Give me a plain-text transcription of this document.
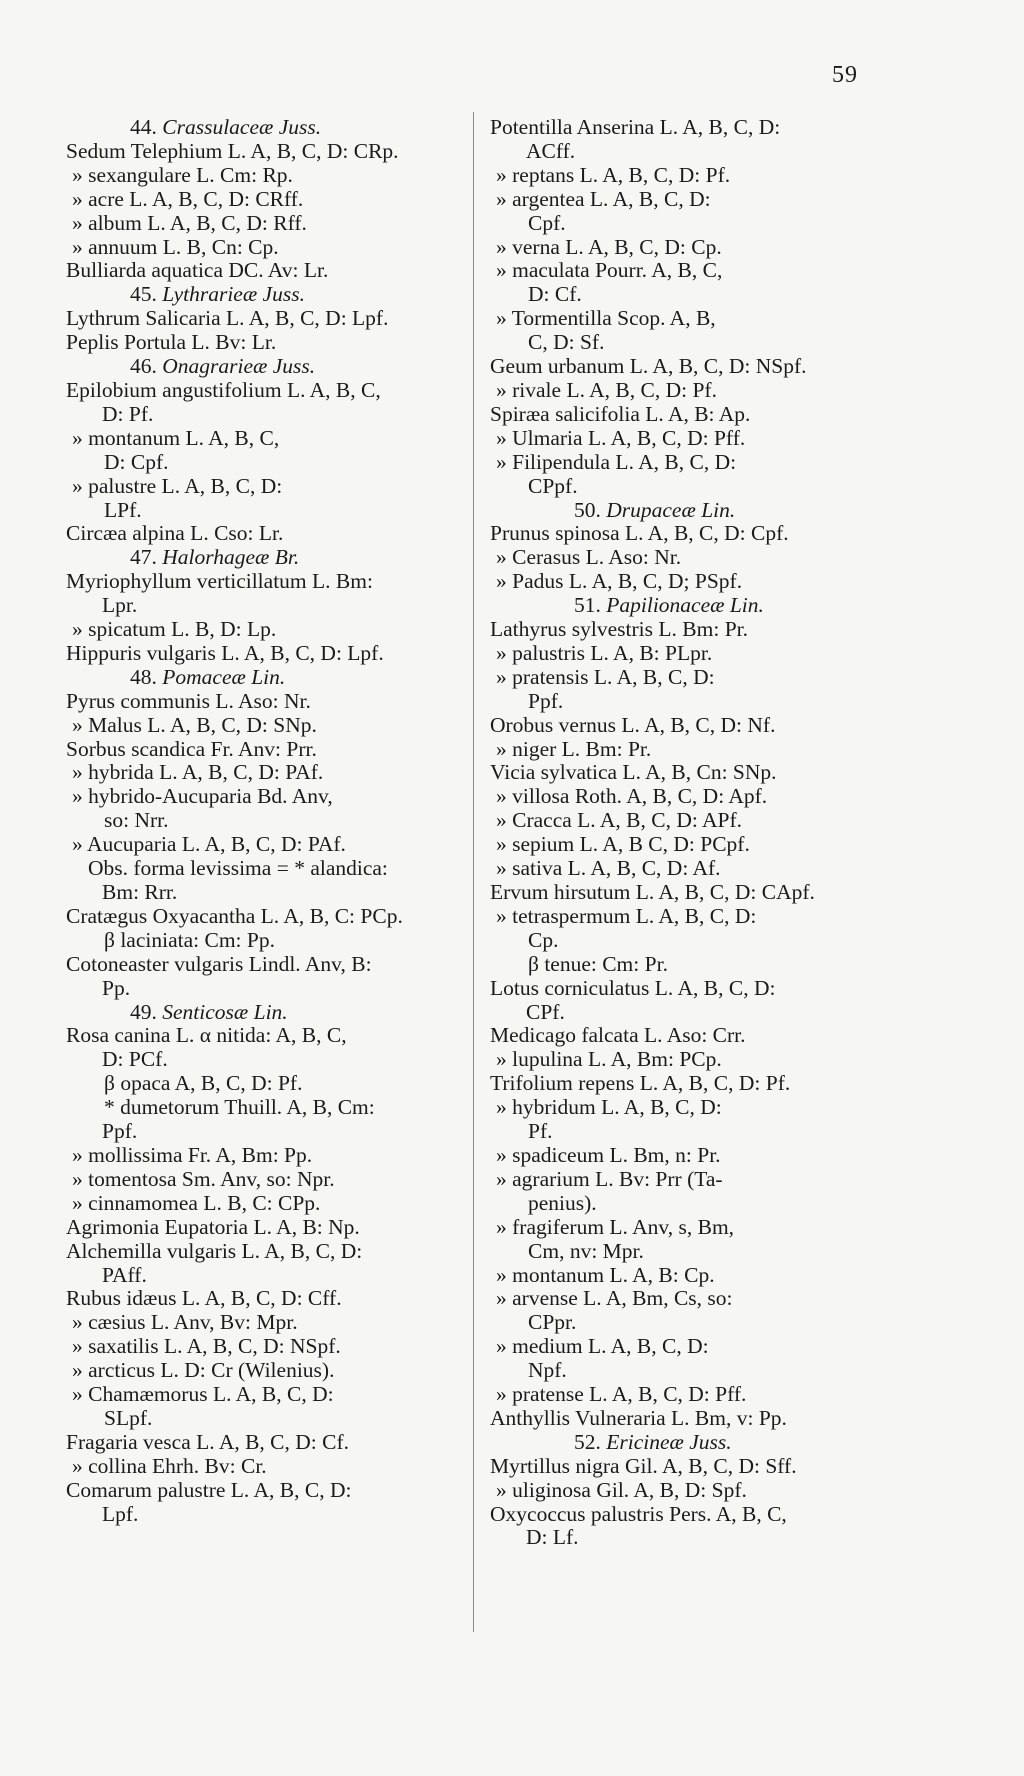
59
44. Crassulaceæ Juss.
Sedum Telephium L. A, B, C, D: CRp.
» sexangulare L. Cm: Rp.
» acre L. A, B, C, D: CRff.
» album L. A, B, C, D: Rff.
» annuum L. B, Cn: Cp.
Bulliarda aquatica DC. Av: Lr.
45. Lythrarieæ Juss.
Lythrum Salicaria L. A, B, C, D: Lpf.
Peplis Portula L. Bv: Lr.
46. Onagrarieæ Juss.
Epilobium angustifolium L. A, B, C,
D: Pf.
» montanum L. A, B, C,
D: Cpf.
» palustre L. A, B, C, D:
LPf.
Circæa alpina L. Cso: Lr.
47. Halorhageæ Br.
Myriophyllum verticillatum L. Bm:
Lpr.
» spicatum L. B, D: Lp.
Hippuris vulgaris L. A, B, C, D: Lpf.
48. Pomaceæ Lin.
Pyrus communis L. Aso: Nr.
» Malus L. A, B, C, D: SNp.
Sorbus scandica Fr. Anv: Prr.
» hybrida L. A, B, C, D: PAf.
» hybrido-Aucuparia Bd. Anv,
so: Nrr.
» Aucuparia L. A, B, C, D: PAf.
Obs. forma levissima = * alandica:
Bm: Rrr.
Cratægus Oxyacantha L. A, B, C: PCp.
β laciniata: Cm: Pp.
Cotoneaster vulgaris Lindl. Anv, B:
Pp.
49. Senticosæ Lin.
Rosa canina L. α nitida: A, B, C,
D: PCf.
β opaca A, B, C, D: Pf.
* dumetorum Thuill. A, B, Cm:
Ppf.
» mollissima Fr. A, Bm: Pp.
» tomentosa Sm. Anv, so: Npr.
» cinnamomea L. B, C: CPp.
Agrimonia Eupatoria L. A, B: Np.
Alchemilla vulgaris L. A, B, C, D:
PAff.
Rubus idæus L. A, B, C, D: Cff.
» cæsius L. Anv, Bv: Mpr.
» saxatilis L. A, B, C, D: NSpf.
» arcticus L. D: Cr (Wilenius).
» Chamæmorus L. A, B, C, D:
SLpf.
Fragaria vesca L. A, B, C, D: Cf.
» collina Ehrh. Bv: Cr.
Comarum palustre L. A, B, C, D:
Lpf.
Potentilla Anserina L. A, B, C, D:
ACff.
» reptans L. A, B, C, D: Pf.
» argentea L. A, B, C, D:
Cpf.
» verna L. A, B, C, D: Cp.
» maculata Pourr. A, B, C,
D: Cf.
» Tormentilla Scop. A, B,
C, D: Sf.
Geum urbanum L. A, B, C, D: NSpf.
» rivale L. A, B, C, D: Pf.
Spiræa salicifolia L. A, B: Ap.
» Ulmaria L. A, B, C, D: Pff.
» Filipendula L. A, B, C, D:
CPpf.
50. Drupaceæ Lin.
Prunus spinosa L. A, B, C, D: Cpf.
» Cerasus L. Aso: Nr.
» Padus L. A, B, C, D; PSpf.
51. Papilionaceæ Lin.
Lathyrus sylvestris L. Bm: Pr.
» palustris L. A, B: PLpr.
» pratensis L. A, B, C, D:
Ppf.
Orobus vernus L. A, B, C, D: Nf.
» niger L. Bm: Pr.
Vicia sylvatica L. A, B, Cn: SNp.
» villosa Roth. A, B, C, D: Apf.
» Cracca L. A, B, C, D: APf.
» sepium L. A, B C, D: PCpf.
» sativa L. A, B, C, D: Af.
Ervum hirsutum L. A, B, C, D: CApf.
» tetraspermum L. A, B, C, D:
Cp.
β tenue: Cm: Pr.
Lotus corniculatus L. A, B, C, D:
CPf.
Medicago falcata L. Aso: Crr.
» lupulina L. A, Bm: PCp.
Trifolium repens L. A, B, C, D: Pf.
» hybridum L. A, B, C, D:
Pf.
» spadiceum L. Bm, n: Pr.
» agrarium L. Bv: Prr (Ta-
penius).
» fragiferum L. Anv, s, Bm,
Cm, nv: Mpr.
» montanum L. A, B: Cp.
» arvense L. A, Bm, Cs, so:
CPpr.
» medium L. A, B, C, D:
Npf.
» pratense L. A, B, C, D: Pff.
Anthyllis Vulneraria L. Bm, v: Pp.
52. Ericineæ Juss.
Myrtillus nigra Gil. A, B, C, D: Sff.
» uliginosa Gil. A, B, D: Spf.
Oxycoccus palustris Pers. A, B, C,
D: Lf.
